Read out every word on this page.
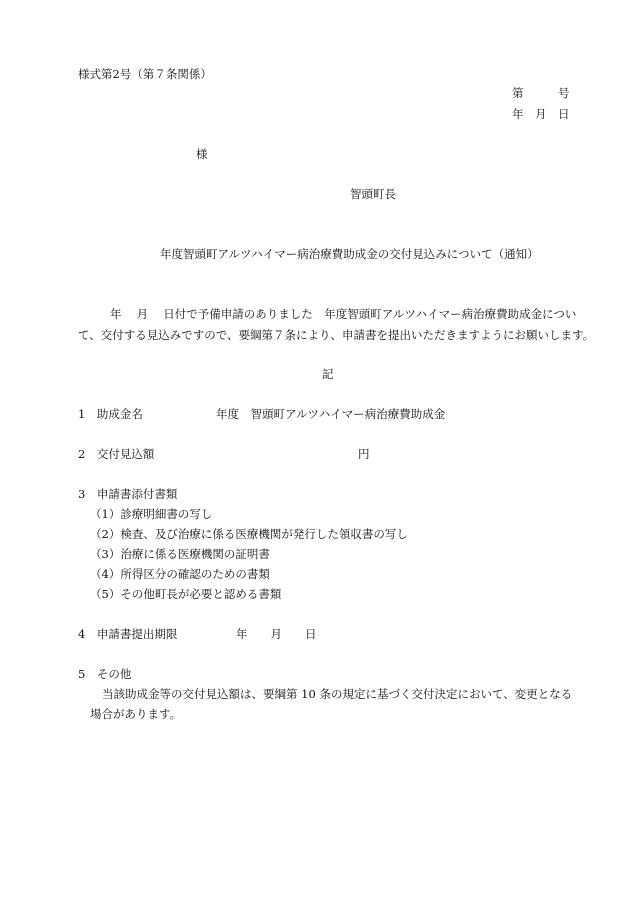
様式第2号（第７条関係）
第　　　号
年　月　日
様
智頭町長
年度智頭町アルツハイマー病治療費助成金の交付見込みについて（通知）
年　 月　 日付で予備申請のありました　年度智頭町アルツハイマー病治療費助成金につい
て、交付する見込みですので、要綱第７条により、申請書を提出いただきますようにお願いします。
記
1　助成金名	年度　智頭町アルツハイマー病治療費助成金
2　交付見込額	円
3　申請書添付書類
（1）診療明細書の写し
（2）検査、及び治療に係る医療機関が発行した領収書の写し
（3）治療に係る医療機関の証明書
（4）所得区分の確認のための書類
（5）その他町長が必要と認める書類
4　申請書提出期限	年　　月　　日
5　その他
当該助成金等の交付見込額は、要綱第 10 条の規定に基づく交付決定において、変更となる
場合があります。
